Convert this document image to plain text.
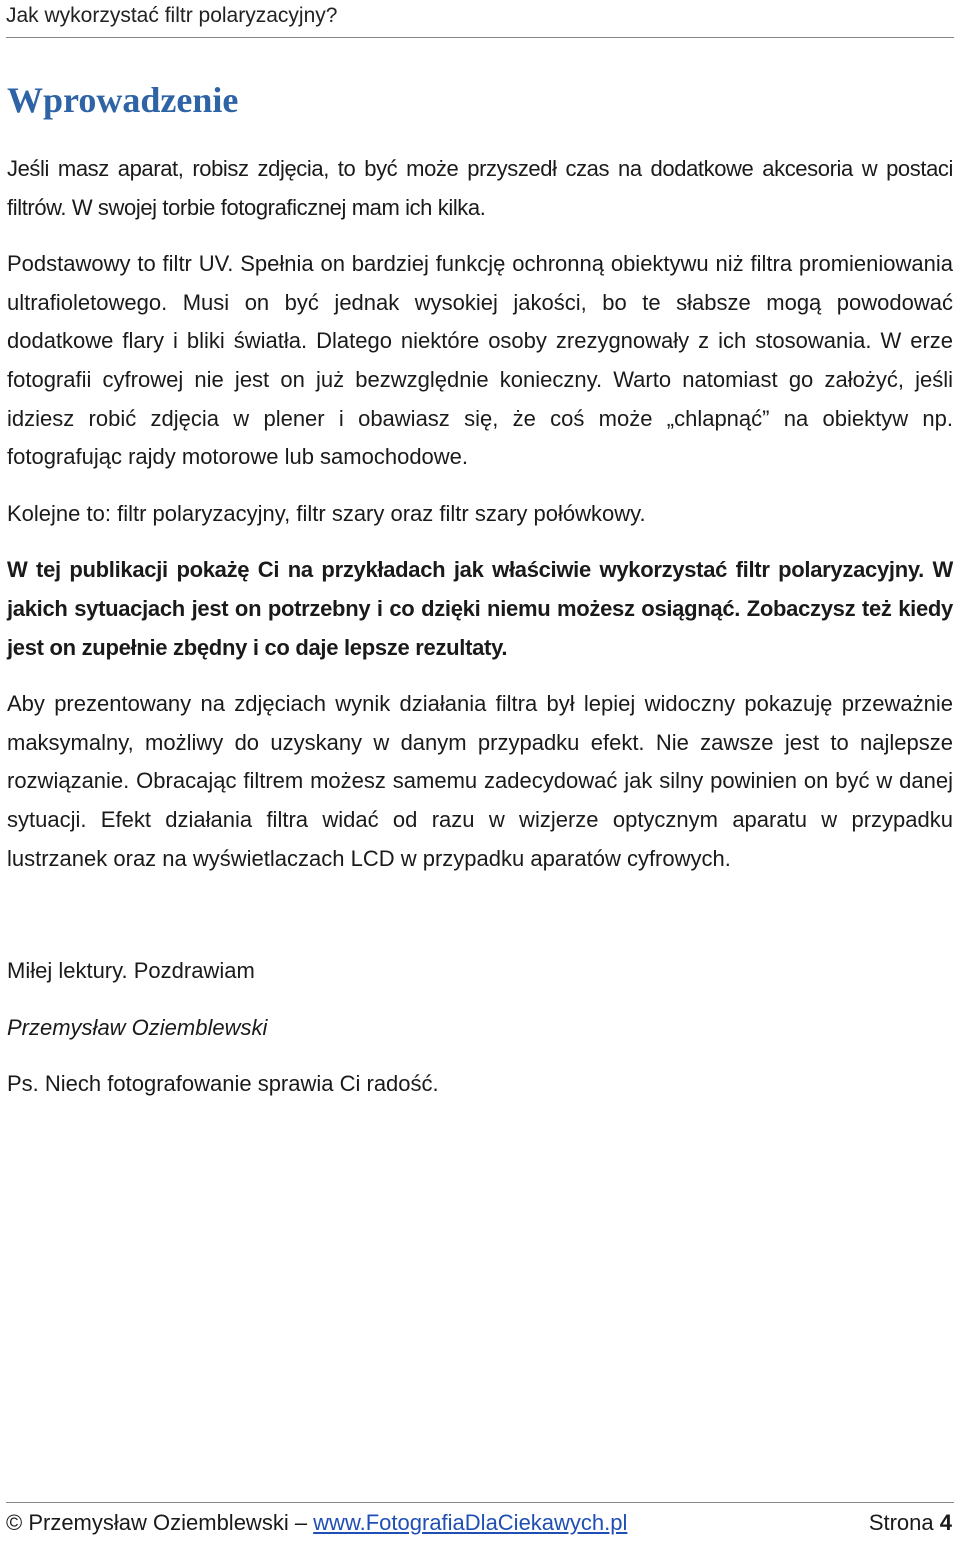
Jak wykorzystać filtr polaryzacyjny?
Wprowadzenie

Jeśli masz aparat, robisz zdjęcia, to być może przyszedł czas na dodatkowe akcesoria w postaci filtrów. W swojej torbie fotograficznej mam ich kilka.

Podstawowy to filtr UV. Spełnia on bardziej funkcję ochronną obiektywu niż filtra promieniowania ultrafioletowego. Musi on być jednak wysokiej jakości, bo te słabsze mogą powodować dodatkowe flary i bliki światła. Dlatego niektóre osoby zrezygnowały z ich stosowania. W erze fotografii cyfrowej nie jest on już bezwzględnie konieczny. Warto natomiast go założyć, jeśli idziesz robić zdjęcia w plener i obawiasz się, że coś może „chlapnąć” na obiektyw np. fotografując rajdy motorowe lub samochodowe.

Kolejne to: filtr polaryzacyjny, filtr szary oraz filtr szary połówkowy.

W tej publikacji pokażę Ci na przykładach jak właściwie wykorzystać filtr polaryzacyjny. W jakich sytuacjach jest on potrzebny i co dzięki niemu możesz osiągnąć. Zobaczysz też kiedy jest on zupełnie zbędny i co daje lepsze rezultaty.

Aby prezentowany na zdjęciach wynik działania filtra był lepiej widoczny pokazuję przeważnie maksymalny, możliwy do uzyskany w danym przypadku efekt. Nie zawsze jest to najlepsze rozwiązanie. Obracając filtrem możesz samemu zadecydować jak silny powinien on być w danej sytuacji. Efekt działania filtra widać od razu w wizjerze optycznym aparatu w przypadku lustrzanek oraz na wyświetlaczach LCD w przypadku aparatów cyfrowych.

Miłej lektury. Pozdrawiam

Przemysław Oziemblewski

Ps. Niech fotografowanie sprawia Ci radość.

© Przemysław Oziemblewski – www.FotografiaDlaCiekawych.pl	Strona 4
